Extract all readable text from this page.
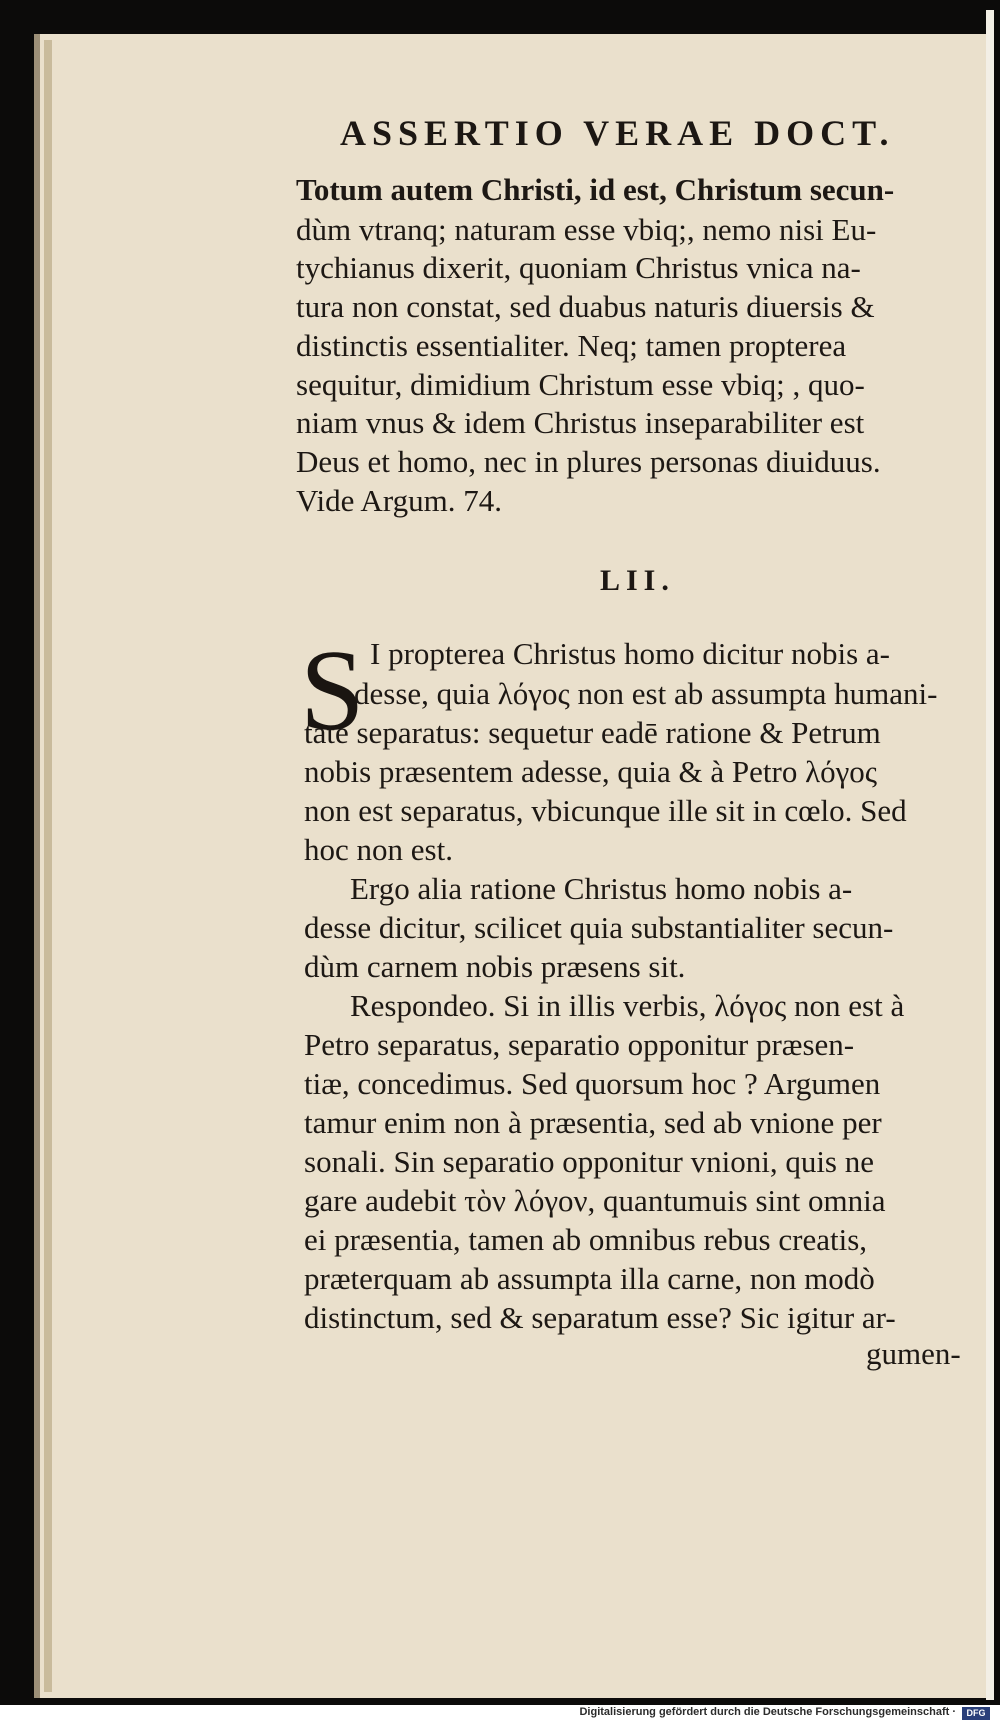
ASSERTIO VERAE DOCT.
Totum autem Christi, id est, Christum secun-
dùm vtranq; naturam esse vbiq;, nemo nisi Eu-
tychianus dixerit, quoniam Christus vnica na-
tura non constat, sed duabus naturis diuersis &
distinctis essentialiter. Neq; tamen propterea
sequitur, dimidium Christum esse vbiq; , quo-
niam vnus & idem Christus inseparabiliter est
Deus et homo, nec in plures personas diuiduus.
Vide Argum. 74.
LII.
S I propterea Christus homo dicitur nobis a-
desse, quia λόγος non est ab assumpta humani-
tate separatus: sequetur eadē ratione & Petrum
nobis præsentem adesse, quia & à Petro λόγος
non est separatus, vbicunque ille sit in cœlo. Sed
hoc non est.
Ergo alia ratione Christus homo nobis a-
desse dicitur, scilicet quia substantialiter secun-
dùm carnem nobis præsens sit.
Respondeo. Si in illis verbis, λόγος non est à
Petro separatus, separatio opponitur præsen-
tiæ, concedimus. Sed quorsum hoc ? Argumen
tamur enim non à præsentia, sed ab vnione per
sonali. Sin separatio opponitur vnioni, quis ne
gare audebit τὸν λόγον, quantumuis sint omnia
ei præsentia, tamen ab omnibus rebus creatis,
præterquam ab assumpta illa carne, non modò
distinctum, sed & separatum esse? Sic igitur ar-
gumen-
Digitalisierung gefördert durch die Deutsche Forschungsgemeinschaft ·	DFG
